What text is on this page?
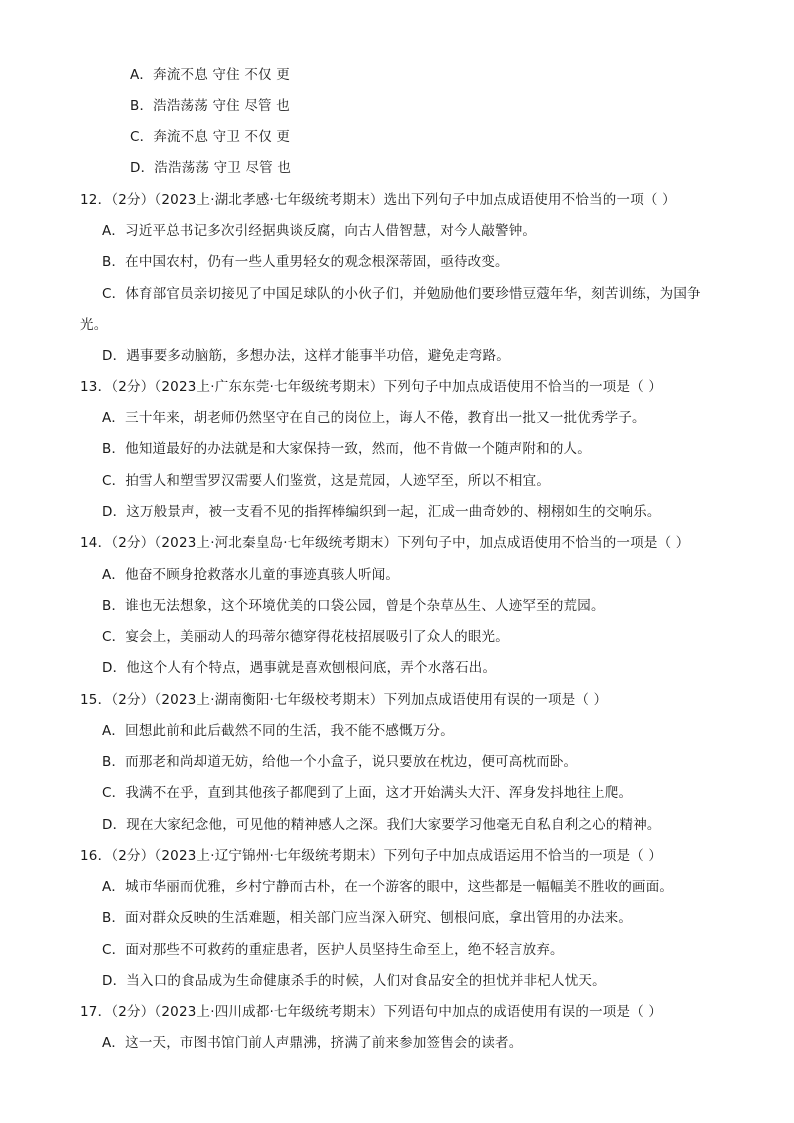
A．奔流不息 守住 不仅 更
B．浩浩荡荡 守住 尽管 也
C．奔流不息 守卫 不仅 更
D．浩浩荡荡 守卫 尽管 也
12．（2分）（2023上·湖北孝感·七年级统考期末）选出下列句子中加点成语使用不恰当的一项（ ）
A．习近平总书记多次引经据典谈反腐，向古人借智慧，对今人敲警钟。
B．在中国农村，仍有一些人重男轻女的观念根深蒂固，亟待改变。
C．体育部官员亲切接见了中国足球队的小伙子们，并勉励他们要珍惜豆蔻年华，刻苦训练，为国争
光。
D．遇事要多动脑筋，多想办法，这样才能事半功倍，避免走弯路。
13．（2分）（2023上·广东东莞·七年级统考期末）下列句子中加点成语使用不恰当的一项是（ ）
A．三十年来，胡老师仍然坚守在自己的岗位上，诲人不倦，教育出一批又一批优秀学子。
B．他知道最好的办法就是和大家保持一致，然而，他不肯做一个随声附和的人。
C．拍雪人和塑雪罗汉需要人们鉴赏，这是荒园，人迹罕至，所以不相宜。
D．这万般景声，被一支看不见的指挥棒编织到一起，汇成一曲奇妙的、栩栩如生的交响乐。
14．（2分）（2023上·河北秦皇岛·七年级统考期末）下列句子中，加点成语使用不恰当的一项是（ ）
A．他奋不顾身抢救落水儿童的事迹真骇人听闻。
B．谁也无法想象，这个环境优美的口袋公园，曾是个杂草丛生、人迹罕至的荒园。
C．宴会上，美丽动人的玛蒂尔德穿得花枝招展吸引了众人的眼光。
D．他这个人有个特点，遇事就是喜欢刨根问底，弄个水落石出。
15．（2分）（2023上·湖南衡阳·七年级校考期末）下列加点成语使用有误的一项是（ ）
A．回想此前和此后截然不同的生活，我不能不感慨万分。
B．而那老和尚却道无妨，给他一个小盒子，说只要放在枕边，便可高枕而卧。
C．我满不在乎，直到其他孩子都爬到了上面，这才开始满头大汗、浑身发抖地往上爬。
D．现在大家纪念他，可见他的精神感人之深。我们大家要学习他毫无自私自利之心的精神。
16．（2分）（2023上·辽宁锦州·七年级统考期末）下列句子中加点成语运用不恰当的一项是（ ）
A．城市华丽而优雅，乡村宁静而古朴，在一个游客的眼中，这些都是一幅幅美不胜收的画面。
B．面对群众反映的生活难题，相关部门应当深入研究、刨根问底，拿出管用的办法来。
C．面对那些不可救药的重症患者，医护人员坚持生命至上，绝不轻言放弃。
D．当入口的食品成为生命健康杀手的时候，人们对食品安全的担忧并非杞人忧天。
17．（2分）（2023上·四川成都·七年级统考期末）下列语句中加点的成语使用有误的一项是（ ）
A．这一天，市图书馆门前人声鼎沸，挤满了前来参加签售会的读者。
